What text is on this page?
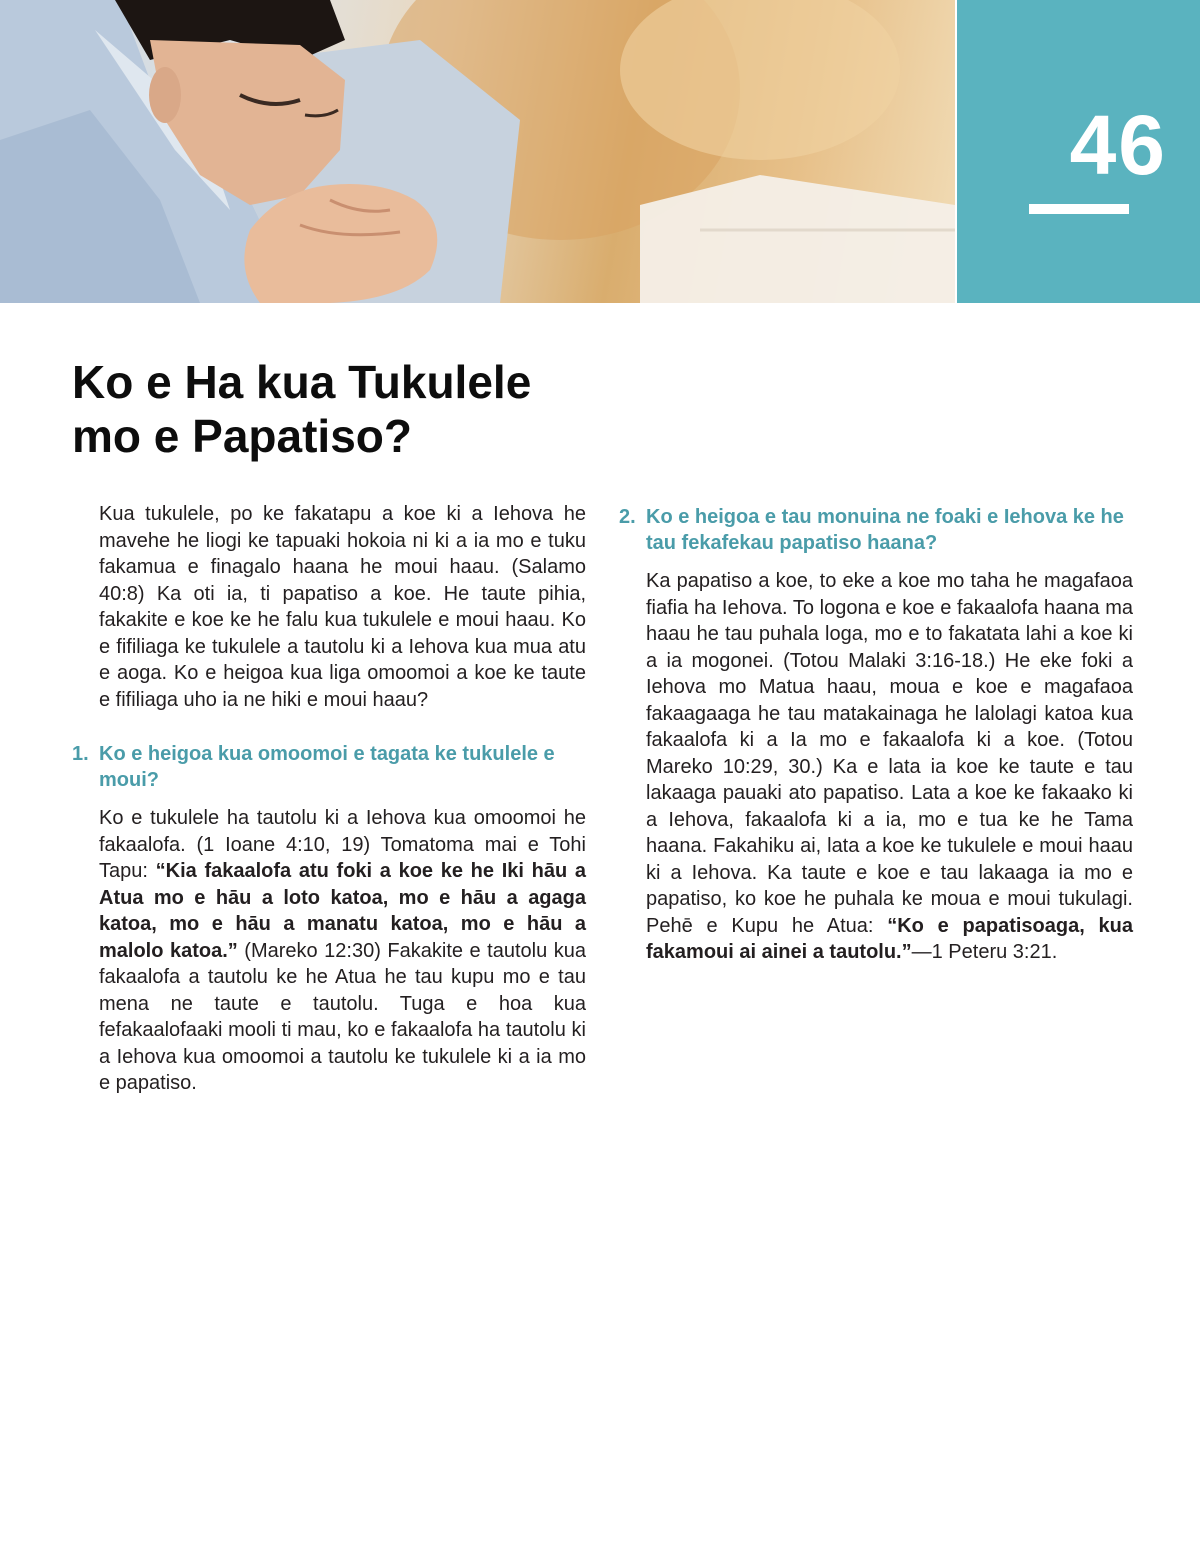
46
Ko e Ha kua Tukulele
mo e Papatiso?

Kua tukulele, po ke fakatapu a koe ki a Iehova he mavehe he liogi ke tapuaki hokoia ni ki a ia mo e tuku fakamua e finagalo haana he moui haau. (Salamo 40:8) Ka oti ia, ti papatiso a koe. He taute pihia, fakakite e koe ke he falu kua tukulele e moui haau. Ko e fifiliaga ke tukulele a tautolu ki a Iehova kua mua atu e aoga. Ko e heigoa kua liga omoomoi a koe ke taute e fifiliaga uho ia ne hiki e moui haau?

1. Ko e heigoa kua omoomoi e tagata ke tukulele e moui?

Ko e tukulele ha tautolu ki a Iehova kua omoomoi he fakaalofa. (1 Ioane 4:10, 19) Tomatoma mai e Tohi Tapu: “Kia fakaalofa atu foki a koe ke he Iki hāu a Atua mo e hāu a loto katoa, mo e hāu a agaga katoa, mo e hāu a manatu katoa, mo e hāu a malolo katoa.” (Mareko 12:30) Fakakite e tautolu kua fakaalofa a tautolu ke he Atua he tau kupu mo e tau mena ne taute e tautolu. Tuga e hoa kua fefakaalofaaki mooli ti mau, ko e fakaalofa ha tautolu ki a Iehova kua omoomoi a tautolu ke tukulele ki a ia mo e papatiso.

2. Ko e heigoa e tau monuina ne foaki e Iehova ke he tau fekafekau papatiso haana?

Ka papatiso a koe, to eke a koe mo taha he magafaoa fiafia ha Iehova. To logona e koe e fakaalofa haana ma haau he tau puhala loga, mo e to fakatata lahi a koe ki a ia mogonei. (Totou Malaki 3:16-18.) He eke foki a Iehova mo Matua haau, moua e koe e magafaoa fakaagaaga he tau matakainaga he lalolagi katoa kua fakaalofa ki a Ia mo e fakaalofa ki a koe. (Totou Mareko 10:29, 30.) Ka e lata ia koe ke taute e tau lakaaga pauaki ato papatiso. Lata a koe ke fakaako ki a Iehova, fakaalofa ki a ia, mo e tua ke he Tama haana. Fakahiku ai, lata a koe ke tukulele e moui haau ki a Iehova. Ka taute e koe e tau lakaaga ia mo e papatiso, ko koe he puhala ke moua e moui tukulagi. Pehē e Kupu he Atua: “Ko e papatisoaga, kua fakamoui ai ainei a tautolu.”—1 Peteru 3:21.
